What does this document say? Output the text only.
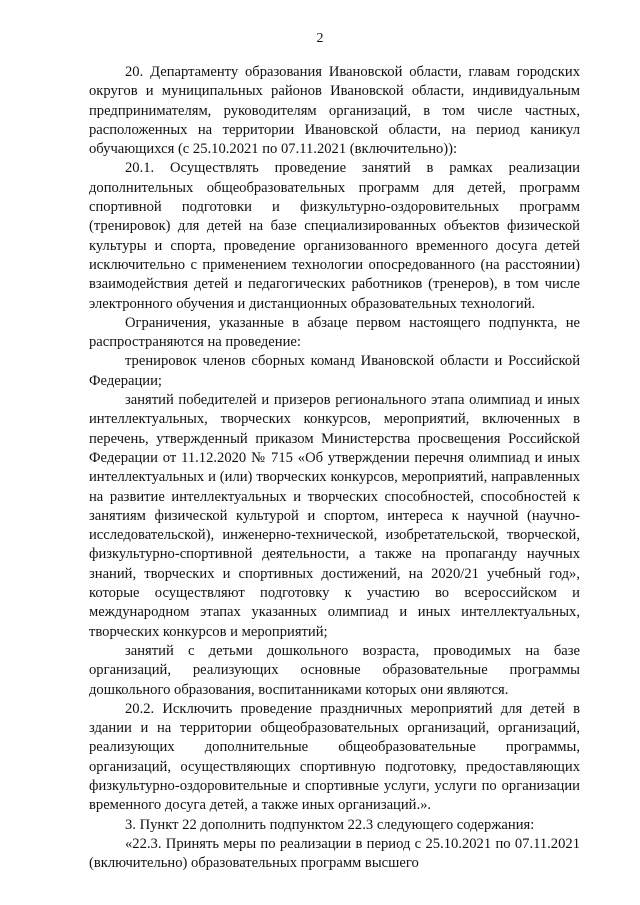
2

20. Департаменту образования Ивановской области, главам городских округов и муниципальных районов Ивановской области, индивидуальным предпринимателям, руководителям организаций, в том числе частных, расположенных на территории Ивановской области, на период каникул обучающихся (с 25.10.2021 по 07.11.2021 (включительно)):

20.1. Осуществлять проведение занятий в рамках реализации дополнительных общеобразовательных программ для детей, программ спортивной подготовки и физкультурно-оздоровительных программ (тренировок) для детей на базе специализированных объектов физической культуры и спорта, проведение организованного временного досуга детей исключительно с применением технологии опосредованного (на расстоянии) взаимодействия детей и педагогических работников (тренеров), в том числе электронного обучения и дистанционных образовательных технологий.

Ограничения, указанные в абзаце первом настоящего подпункта, не распространяются на проведение:

тренировок членов сборных команд Ивановской области и Российской Федерации;

занятий победителей и призеров регионального этапа олимпиад и иных интеллектуальных, творческих конкурсов, мероприятий, включенных в перечень, утвержденный приказом Министерства просвещения Российской Федерации от 11.12.2020 № 715 «Об утверждении перечня олимпиад и иных интеллектуальных и (или) творческих конкурсов, мероприятий, направленных на развитие интеллектуальных и творческих способностей, способностей к занятиям физической культурой и спортом, интереса к научной (научно-исследовательской), инженерно-технической, изобретательской, творческой, физкультурно-спортивной деятельности, а также на пропаганду научных знаний, творческих и спортивных достижений, на 2020/21 учебный год», которые осуществляют подготовку к участию во всероссийском и международном этапах указанных олимпиад и иных интеллектуальных, творческих конкурсов и мероприятий;

занятий с детьми дошкольного возраста, проводимых на базе организаций, реализующих основные образовательные программы дошкольного образования, воспитанниками которых они являются.

20.2. Исключить проведение праздничных мероприятий для детей в здании и на территории общеобразовательных организаций, организаций, реализующих дополнительные общеобразовательные программы, организаций, осуществляющих спортивную подготовку, предоставляющих физкультурно-оздоровительные и спортивные услуги, услуги по организации временного досуга детей, а также иных организаций.».

3. Пункт 22 дополнить подпунктом 22.3 следующего содержания:

«22.3. Принять меры по реализации в период с 25.10.2021 по 07.11.2021 (включительно) образовательных программ высшего
